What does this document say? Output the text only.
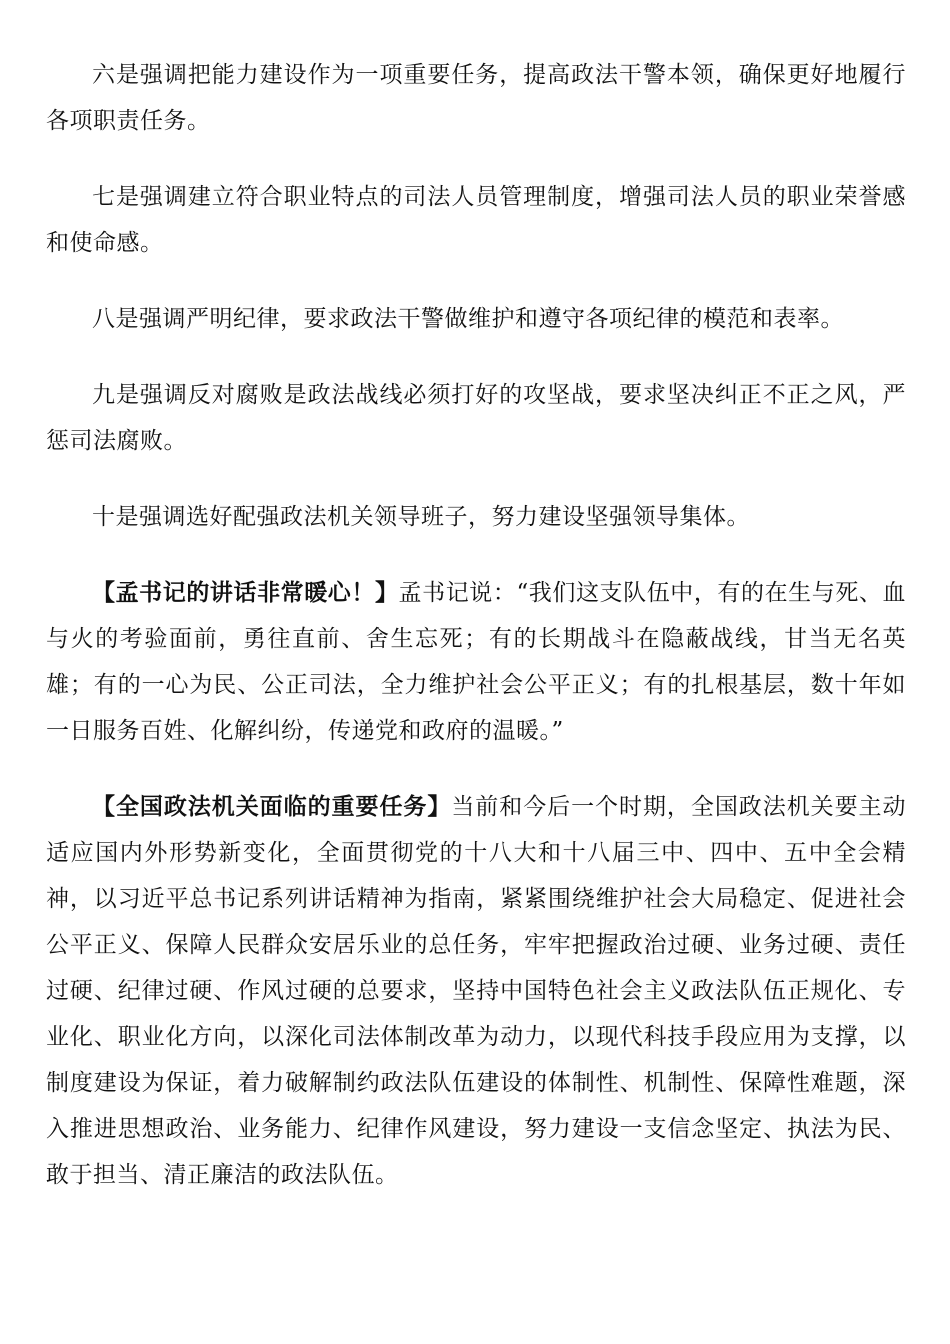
六是强调把能力建设作为一项重要任务，提高政法干警本领，确保更好地履行各项职责任务。

七是强调建立符合职业特点的司法人员管理制度，增强司法人员的职业荣誉感和使命感。

八是强调严明纪律，要求政法干警做维护和遵守各项纪律的模范和表率。

九是强调反对腐败是政法战线必须打好的攻坚战，要求坚决纠正不正之风，严惩司法腐败。

十是强调选好配强政法机关领导班子，努力建设坚强领导集体。

【孟书记的讲话非常暖心！】孟书记说：“我们这支队伍中，有的在生与死、血与火的考验面前，勇往直前、舍生忘死；有的长期战斗在隐蔽战线，甘当无名英雄；有的一心为民、公正司法，全力维护社会公平正义；有的扎根基层，数十年如一日服务百姓、化解纠纷，传递党和政府的温暖。”

【全国政法机关面临的重要任务】当前和今后一个时期，全国政法机关要主动适应国内外形势新变化，全面贯彻党的十八大和十八届三中、四中、五中全会精神，以习近平总书记系列讲话精神为指南，紧紧围绕维护社会大局稳定、促进社会公平正义、保障人民群众安居乐业的总任务，牢牢把握政治过硬、业务过硬、责任过硬、纪律过硬、作风过硬的总要求，坚持中国特色社会主义政法队伍正规化、专业化、职业化方向，以深化司法体制改革为动力，以现代科技手段应用为支撑，以制度建设为保证，着力破解制约政法队伍建设的体制性、机制性、保障性难题，深入推进思想政治、业务能力、纪律作风建设，努力建设一支信念坚定、执法为民、敢于担当、清正廉洁的政法队伍。
